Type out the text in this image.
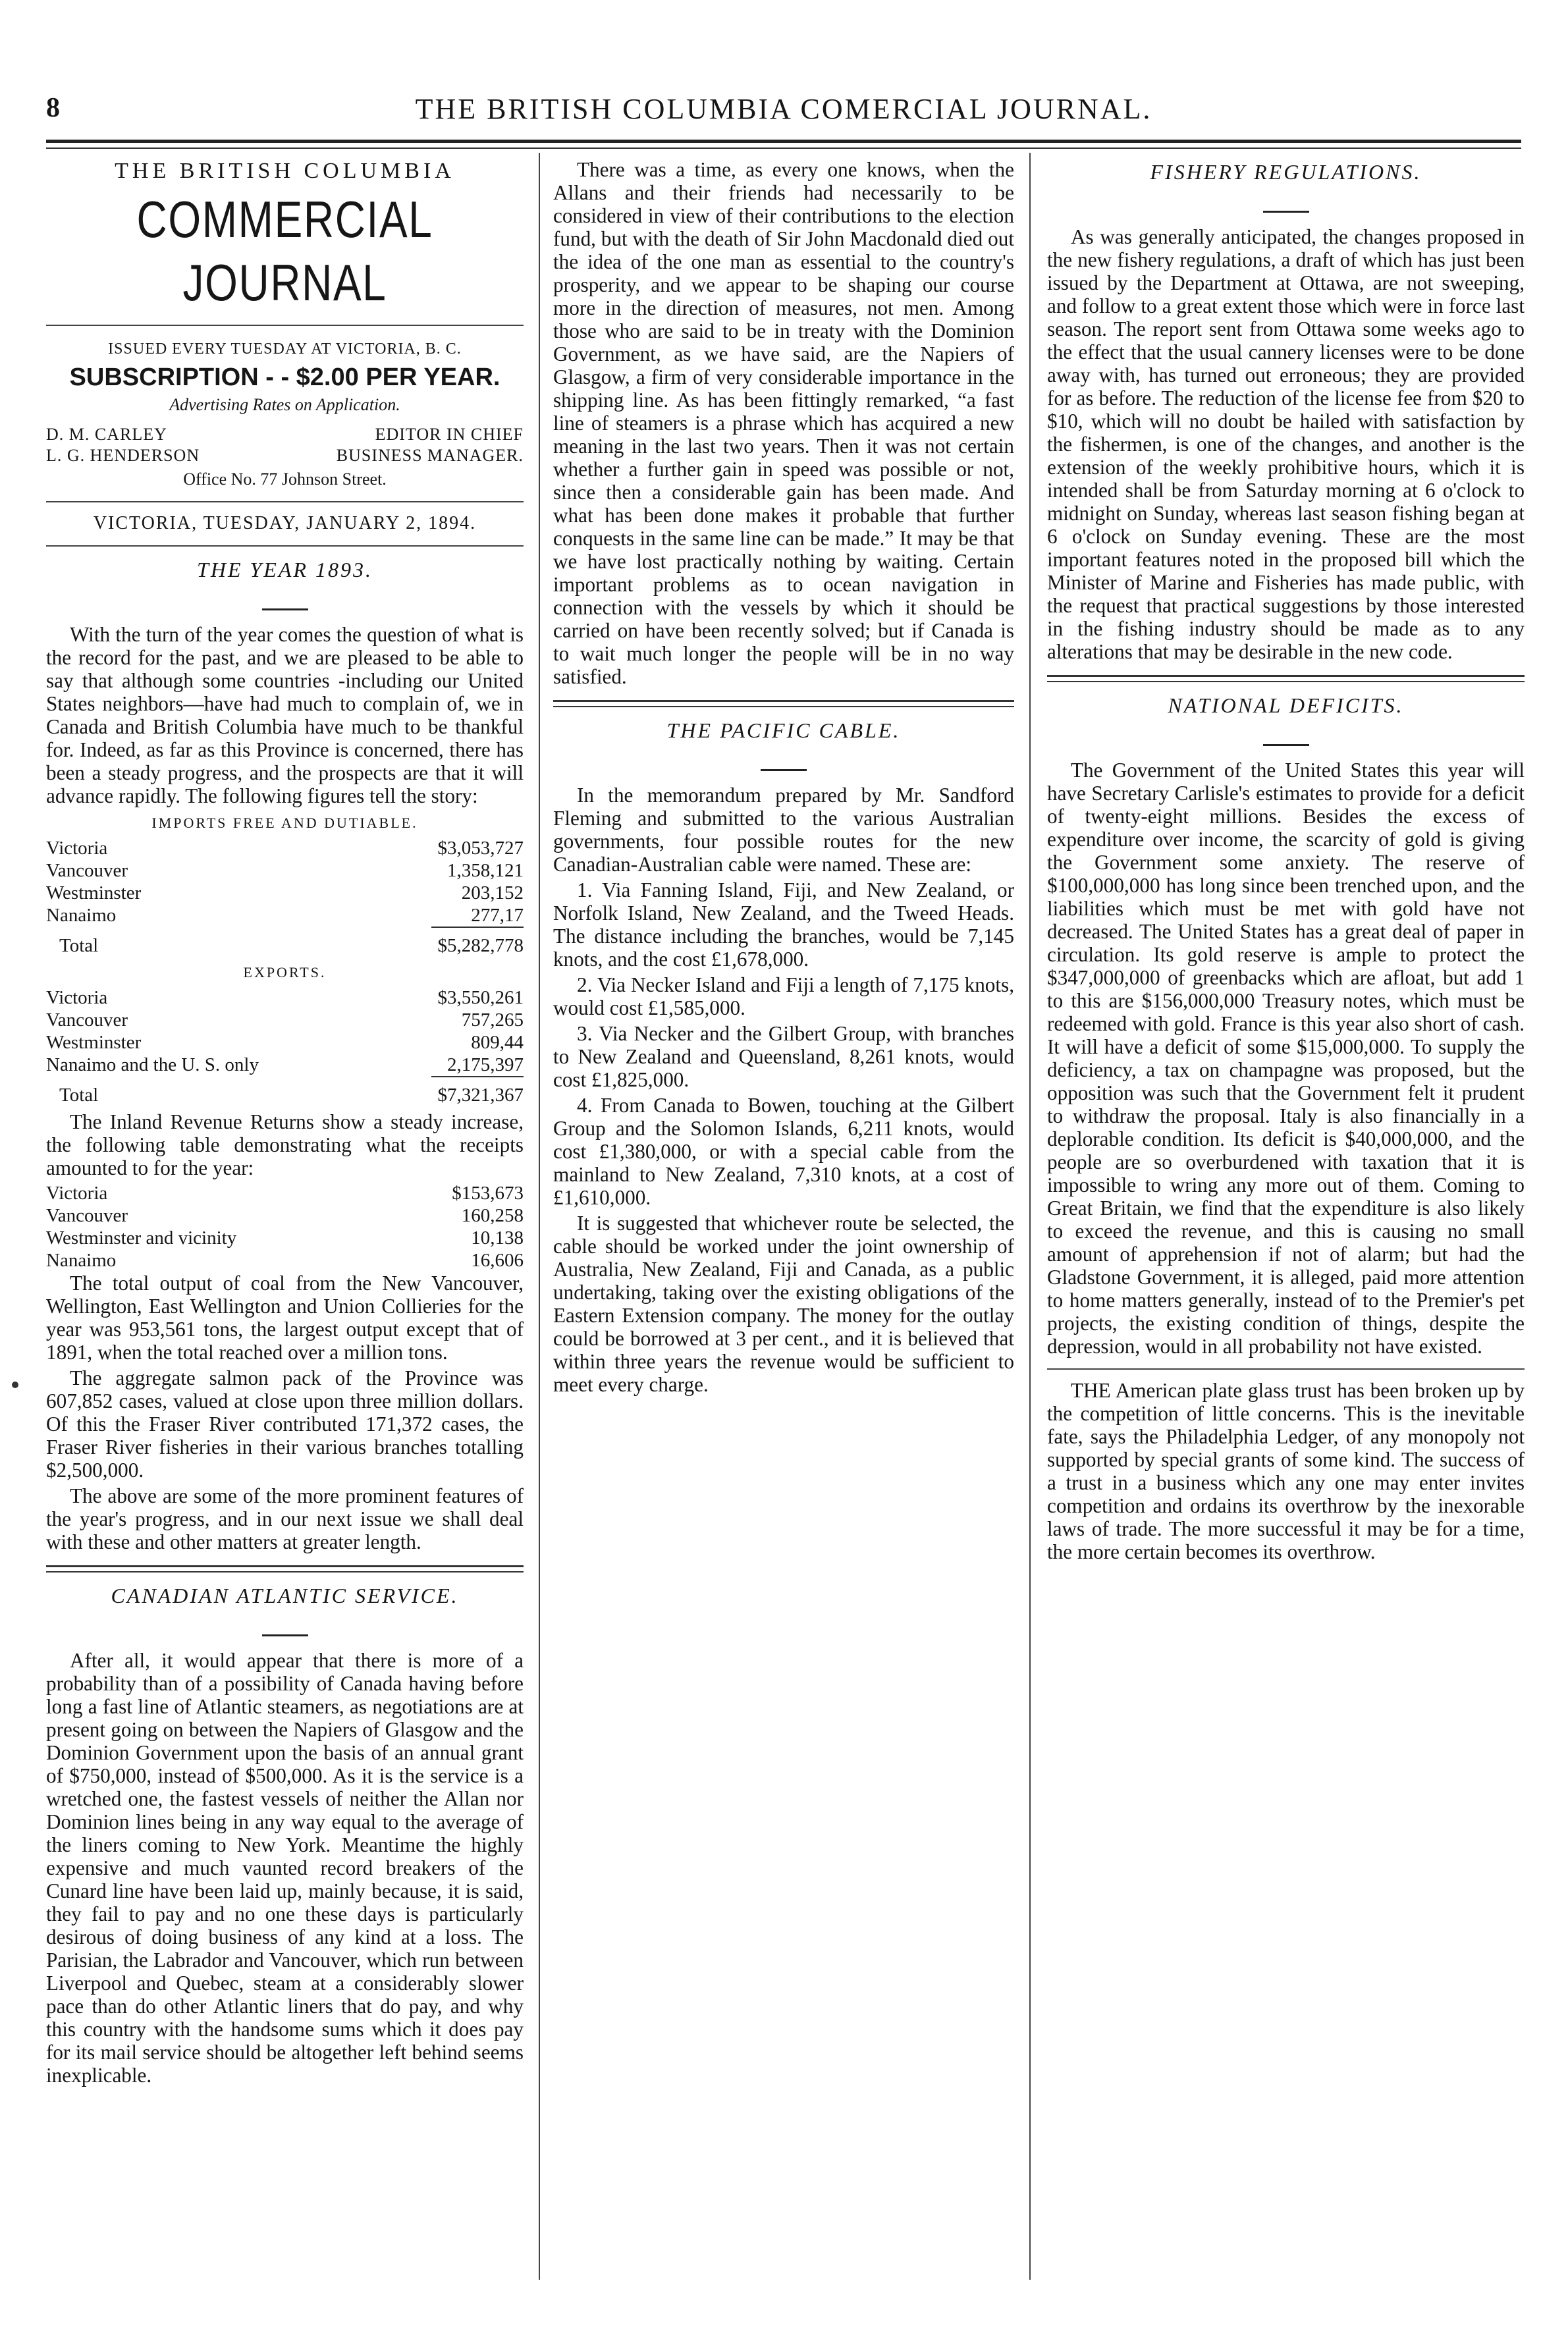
8	THE BRITISH COLUMBIA COMERCIAL JOURNAL.
THE BRITISH COLUMBIA
COMMERCIAL JOURNAL
ISSUED EVERY TUESDAY AT VICTORIA, B. C.
SUBSCRIPTION - - $2.00 PER YEAR.
Advertising Rates on Application.
D. M. CARLEY	EDITOR IN CHIEF
L. G. HENDERSON	BUSINESS MANAGER.
Office No. 77 Johnson Street.
VICTORIA, TUESDAY, JANUARY 2, 1894.
THE YEAR 1893.

With the turn of the year comes the question of what is the record for the past, and we are pleased to be able to say that although some countries -including our United States neighbors—have had much to complain of, we in Canada and British Columbia have much to be thankful for. Indeed, as far as this Province is concerned, there has been a steady progress, and the prospects are that it will advance rapidly. The following figures tell the story:

IMPORTS FREE AND DUTIABLE.
Victoria	$3,053,727
Vancouver	1,358,121
Westminster	203,152
Nanaimo	277,17
Total	$5,282,778
EXPORTS.
Victoria	$3,550,261
Vancouver	757,265
Westminster	809,44
Nanaimo and the U. S. only	2,175,397
Total	$7,321,367

The Inland Revenue Returns show a steady increase, the following table demonstrating what the receipts amounted to for the year:

Victoria	$153,673
Vancouver	160,258
Westminster and vicinity	10,138
Nanaimo	16,606

The total output of coal from the New Vancouver, Wellington, East Wellington and Union Collieries for the year was 953,561 tons, the largest output except that of 1891, when the total reached over a million tons.

The aggregate salmon pack of the Province was 607,852 cases, valued at close upon three million dollars. Of this the Fraser River contributed 171,372 cases, the Fraser River fisheries in their various branches totalling $2,500,000.

The above are some of the more prominent features of the year's progress, and in our next issue we shall deal with these and other matters at greater length.

CANADIAN ATLANTIC SERVICE.

After all, it would appear that there is more of a probability than of a possibility of Canada having before long a fast line of Atlantic steamers, as negotiations are at present going on between the Napiers of Glasgow and the Dominion Government upon the basis of an annual grant of $750,000, instead of $500,000. As it is the service is a wretched one, the fastest vessels of neither the Allan nor Dominion lines being in any way equal to the average of the liners coming to New York. Meantime the highly expensive and much vaunted record breakers of the Cunard line have been laid up, mainly because, it is said, they fail to pay and no one these days is particularly desirous of doing business of any kind at a loss. The Parisian, the Labrador and Vancouver, which run between Liverpool and Quebec, steam at a considerably slower pace than do other Atlantic liners that do pay, and why this country with the handsome sums which it does pay for its mail service should be altogether left behind seems inexplicable.

There was a time, as every one knows, when the Allans and their friends had necessarily to be considered in view of their contributions to the election fund, but with the death of Sir John Macdonald died out the idea of the one man as essential to the country's prosperity, and we appear to be shaping our course more in the direction of measures, not men. Among those who are said to be in treaty with the Dominion Government, as we have said, are the Napiers of Glasgow, a firm of very considerable importance in the shipping line. As has been fittingly remarked, “a fast line of steamers is a phrase which has acquired a new meaning in the last two years. Then it was not certain whether a further gain in speed was possible or not, since then a considerable gain has been made. And what has been done makes it probable that further conquests in the same line can be made.” It may be that we have lost practically nothing by waiting. Certain important problems as to ocean navigation in connection with the vessels by which it should be carried on have been recently solved; but if Canada is to wait much longer the people will be in no way satisfied.

THE PACIFIC CABLE.

In the memorandum prepared by Mr. Sandford Fleming and submitted to the various Australian governments, four possible routes for the new Canadian-Australian cable were named. These are:

1. Via Fanning Island, Fiji, and New Zealand, or Norfolk Island, New Zealand, and the Tweed Heads. The distance including the branches, would be 7,145 knots, and the cost £1,678,000.

2. Via Necker Island and Fiji a length of 7,175 knots, would cost £1,585,000.

3. Via Necker and the Gilbert Group, with branches to New Zealand and Queensland, 8,261 knots, would cost £1,825,000.

4. From Canada to Bowen, touching at the Gilbert Group and the Solomon Islands, 6,211 knots, would cost £1,380,000, or with a special cable from the mainland to New Zealand, 7,310 knots, at a cost of £1,610,000.

It is suggested that whichever route be selected, the cable should be worked under the joint ownership of Australia, New Zealand, Fiji and Canada, as a public undertaking, taking over the existing obligations of the Eastern Extension company. The money for the outlay could be borrowed at 3 per cent., and it is believed that within three years the revenue would be sufficient to meet every charge.

FISHERY REGULATIONS.

As was generally anticipated, the changes proposed in the new fishery regulations, a draft of which has just been issued by the Department at Ottawa, are not sweeping, and follow to a great extent those which were in force last season. The report sent from Ottawa some weeks ago to the effect that the usual cannery licenses were to be done away with, has turned out erroneous; they are provided for as before. The reduction of the license fee from $20 to $10, which will no doubt be hailed with satisfaction by the fishermen, is one of the changes, and another is the extension of the weekly prohibitive hours, which it is intended shall be from Saturday morning at 6 o'clock to midnight on Sunday, whereas last season fishing began at 6 o'clock on Sunday evening. These are the most important features noted in the proposed bill which the Minister of Marine and Fisheries has made public, with the request that practical suggestions by those interested in the fishing industry should be made as to any alterations that may be desirable in the new code.

NATIONAL DEFICITS.

The Government of the United States this year will have Secretary Carlisle's estimates to provide for a deficit of twenty-eight millions. Besides the excess of expenditure over income, the scarcity of gold is giving the Government some anxiety. The reserve of $100,000,000 has long since been trenched upon, and the liabilities which must be met with gold have not decreased. The United States has a great deal of paper in circulation. Its gold reserve is ample to protect the $347,000,000 of greenbacks which are afloat, but add 1 to this are $156,000,000 Treasury notes, which must be redeemed with gold. France is this year also short of cash. It will have a deficit of some $15,000,000. To supply the deficiency, a tax on champagne was proposed, but the opposition was such that the Government felt it prudent to withdraw the proposal. Italy is also financially in a deplorable condition. Its deficit is $40,000,000, and the people are so overburdened with taxation that it is impossible to wring any more out of them. Coming to Great Britain, we find that the expenditure is also likely to exceed the revenue, and this is causing no small amount of apprehension if not of alarm; but had the Gladstone Government, it is alleged, paid more attention to home matters generally, instead of to the Premier's pet projects, the existing condition of things, despite the depression, would in all probability not have existed.

THE American plate glass trust has been broken up by the competition of little concerns. This is the inevitable fate, says the Philadelphia Ledger, of any monopoly not supported by special grants of some kind. The success of a trust in a business which any one may enter invites competition and ordains its overthrow by the inexorable laws of trade. The more successful it may be for a time, the more certain becomes its overthrow.
